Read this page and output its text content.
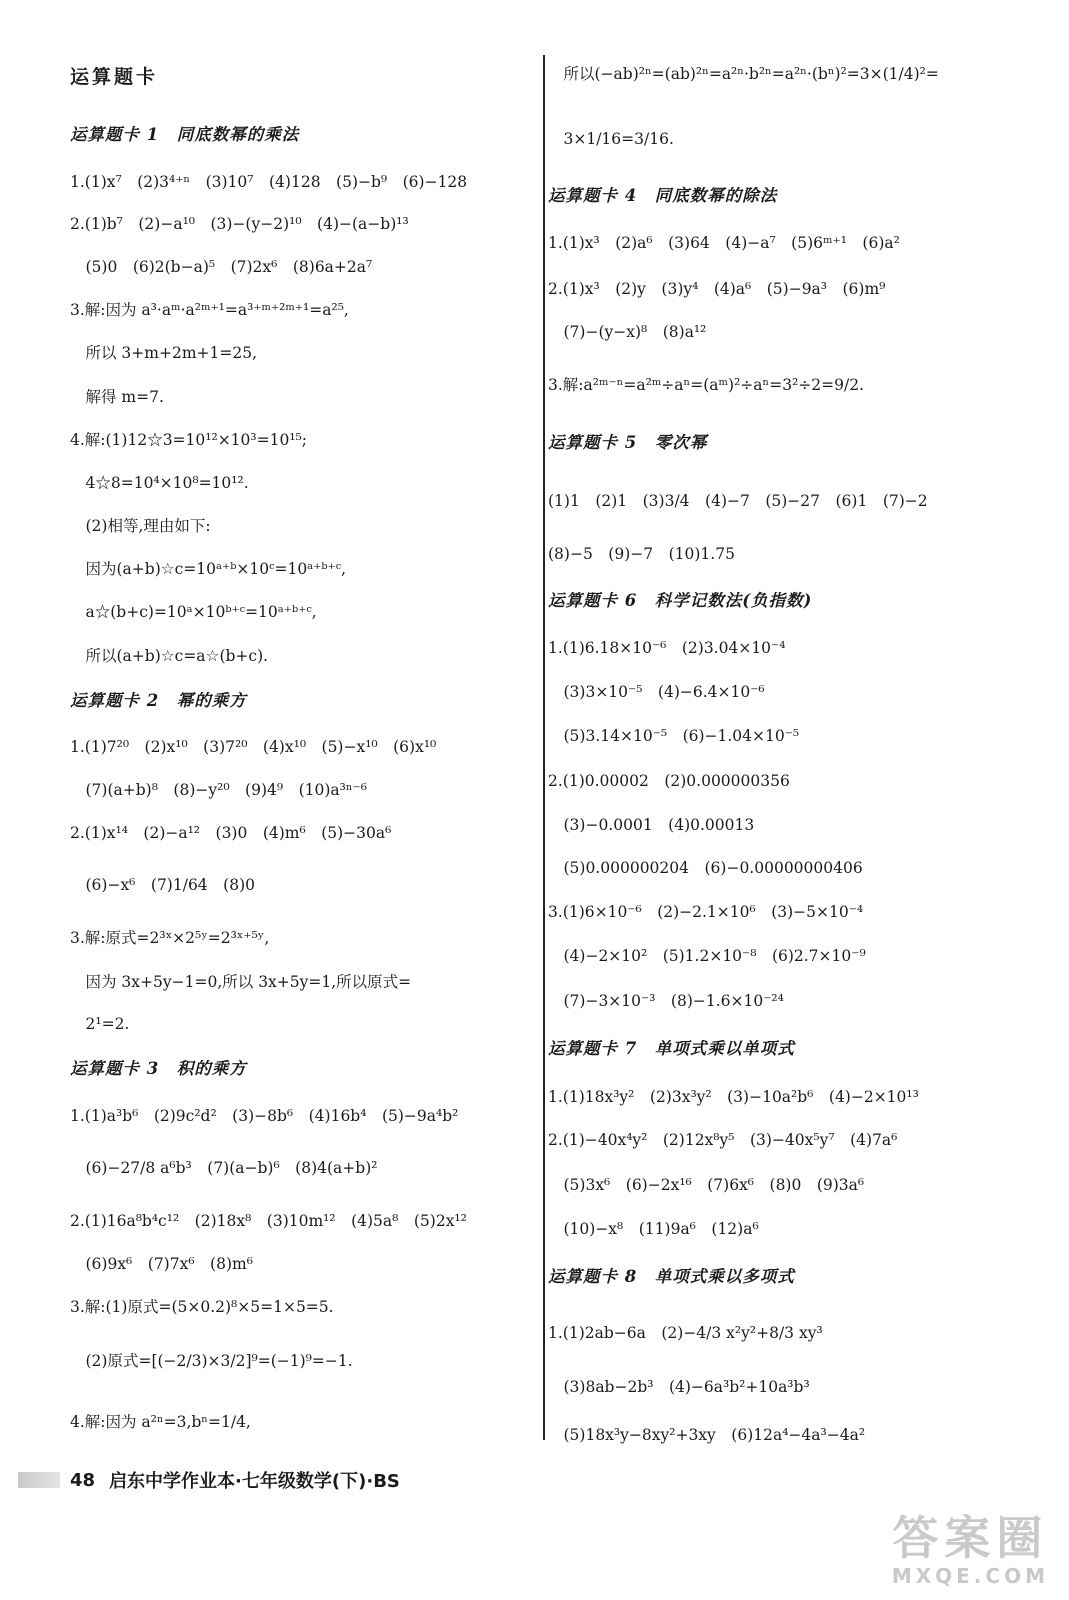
运算题卡
运算题卡 1　同底数幂的乘法
1.(1)x⁷　(2)3⁴⁺ⁿ　(3)10⁷　(4)128　(5)−b⁹　(6)−128
2.(1)b⁷　(2)−a¹⁰　(3)−(y−2)¹⁰　(4)−(a−b)¹³
　(5)0　(6)2(b−a)⁵　(7)2x⁶　(8)6a+2a⁷
3.解:因为 a³·aᵐ·a²ᵐ⁺¹=a³⁺ᵐ⁺²ᵐ⁺¹=a²⁵,
　所以 3+m+2m+1=25,
　解得 m=7.
4.解:(1)12☆3=10¹²×10³=10¹⁵;
　4☆8=10⁴×10⁸=10¹².
　(2)相等,理由如下:
　因为(a+b)☆c=10ᵃ⁺ᵇ×10ᶜ=10ᵃ⁺ᵇ⁺ᶜ,
　a☆(b+c)=10ᵃ×10ᵇ⁺ᶜ=10ᵃ⁺ᵇ⁺ᶜ,
　所以(a+b)☆c=a☆(b+c).
运算题卡 2　幂的乘方
1.(1)7²⁰　(2)x¹⁰　(3)7²⁰　(4)x¹⁰　(5)−x¹⁰　(6)x¹⁰
　(7)(a+b)⁸　(8)−y²⁰　(9)4⁹　(10)a³ⁿ⁻⁶
2.(1)x¹⁴　(2)−a¹²　(3)0　(4)m⁶　(5)−30a⁶
　(6)−x⁶　(7)1/64　(8)0
3.解:原式=2³ˣ×2⁵ʸ=2³ˣ⁺⁵ʸ,
　因为 3x+5y−1=0,所以 3x+5y=1,所以原式=
　2¹=2.
运算题卡 3　积的乘方
1.(1)a³b⁶　(2)9c²d²　(3)−8b⁶　(4)16b⁴　(5)−9a⁴b²
　(6)−27/8 a⁶b³　(7)(a−b)⁶　(8)4(a+b)²
2.(1)16a⁸b⁴c¹²　(2)18x⁸　(3)10m¹²　(4)5a⁸　(5)2x¹²
　(6)9x⁶　(7)7x⁶　(8)m⁶
3.解:(1)原式=(5×0.2)⁸×5=1×5=5.
　(2)原式=[(−2/3)×3/2]⁹=(−1)⁹=−1.
4.解:因为 a²ⁿ=3,bⁿ=1/4,
　所以(−ab)²ⁿ=(ab)²ⁿ=a²ⁿ·b²ⁿ=a²ⁿ·(bⁿ)²=3×(1/4)²=
　3×1/16=3/16.
运算题卡 4　同底数幂的除法
1.(1)x³　(2)a⁶　(3)64　(4)−a⁷　(5)6ᵐ⁺¹　(6)a²
2.(1)x³　(2)y　(3)y⁴　(4)a⁶　(5)−9a³　(6)m⁹
　(7)−(y−x)⁸　(8)a¹²
3.解:a²ᵐ⁻ⁿ=a²ᵐ÷aⁿ=(aᵐ)²÷aⁿ=3²÷2=9/2.
运算题卡 5　零次幂
(1)1　(2)1　(3)3/4　(4)−7　(5)−27　(6)1　(7)−2
(8)−5　(9)−7　(10)1.75
运算题卡 6　科学记数法(负指数)
1.(1)6.18×10⁻⁶　(2)3.04×10⁻⁴
　(3)3×10⁻⁵　(4)−6.4×10⁻⁶
　(5)3.14×10⁻⁵　(6)−1.04×10⁻⁵
2.(1)0.00002　(2)0.000000356
　(3)−0.0001　(4)0.00013
　(5)0.000000204　(6)−0.00000000406
3.(1)6×10⁻⁶　(2)−2.1×10⁶　(3)−5×10⁻⁴
　(4)−2×10²　(5)1.2×10⁻⁸　(6)2.7×10⁻⁹
　(7)−3×10⁻³　(8)−1.6×10⁻²⁴
运算题卡 7　单项式乘以单项式
1.(1)18x³y²　(2)3x³y²　(3)−10a²b⁶　(4)−2×10¹³
2.(1)−40x⁴y²　(2)12x⁸y⁵　(3)−40x⁵y⁷　(4)7a⁶
　(5)3x⁶　(6)−2x¹⁶　(7)6x⁶　(8)0　(9)3a⁶
　(10)−x⁸　(11)9a⁶　(12)a⁶
运算题卡 8　单项式乘以多项式
1.(1)2ab−6a　(2)−4/3 x²y²+8/3 xy³
　(3)8ab−2b³　(4)−6a³b²+10a³b³
　(5)18x³y−8xy²+3xy　(6)12a⁴−4a³−4a²
48 启东中学作业本·七年级数学(下)·BS
答案圈
MXQE.COM
